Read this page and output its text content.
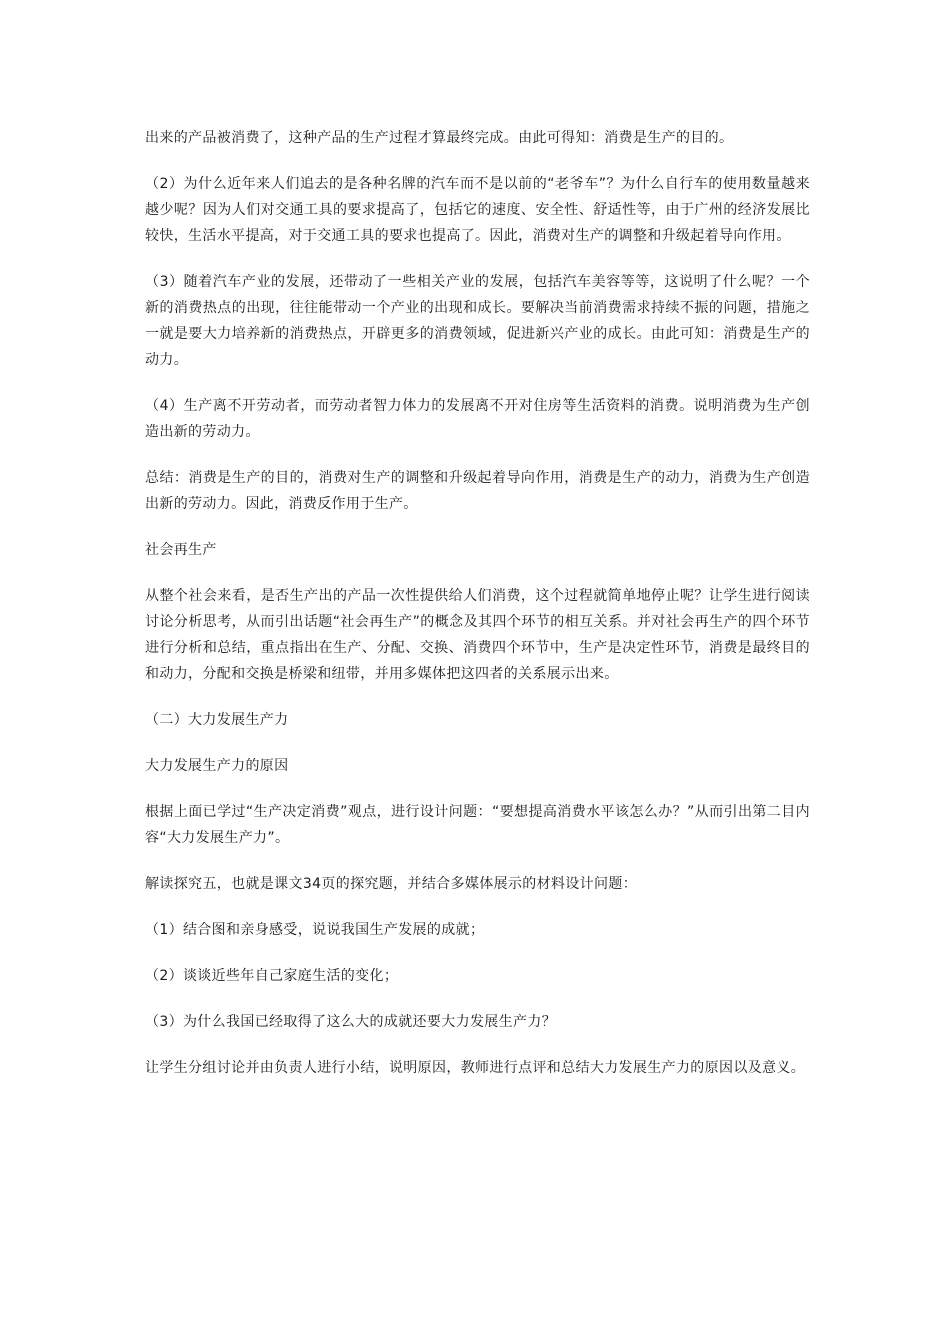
出来的产品被消费了，这种产品的生产过程才算最终完成。由此可得知：消费是生产的目的。

（2）为什么近年来人们追去的是各种名牌的汽车而不是以前的“老爷车”？为什么自行车的使用数量越来越少呢？因为人们对交通工具的要求提高了，包括它的速度、安全性、舒适性等，由于广州的经济发展比较快，生活水平提高，对于交通工具的要求也提高了。因此，消费对生产的调整和升级起着导向作用。

（3）随着汽车产业的发展，还带动了一些相关产业的发展，包括汽车美容等等，这说明了什么呢？一个新的消费热点的出现，往往能带动一个产业的出现和成长。要解决当前消费需求持续不振的问题，措施之一就是要大力培养新的消费热点，开辟更多的消费领域，促进新兴产业的成长。由此可知：消费是生产的动力。

（4）生产离不开劳动者，而劳动者智力体力的发展离不开对住房等生活资料的消费。说明消费为生产创造出新的劳动力。

总结：消费是生产的目的，消费对生产的调整和升级起着导向作用，消费是生产的动力，消费为生产创造出新的劳动力。因此，消费反作用于生产。

社会再生产

从整个社会来看，是否生产出的产品一次性提供给人们消费，这个过程就简单地停止呢？让学生进行阅读讨论分析思考，从而引出话题“社会再生产”的概念及其四个环节的相互关系。并对社会再生产的四个环节进行分析和总结，重点指出在生产、分配、交换、消费四个环节中，生产是决定性环节，消费是最终目的和动力，分配和交换是桥梁和纽带，并用多媒体把这四者的关系展示出来。

（二）大力发展生产力

大力发展生产力的原因

根据上面已学过“生产决定消费”观点，进行设计问题：“要想提高消费水平该怎么办？”从而引出第二目内容“大力发展生产力”。

解读探究五，也就是课文34页的探究题，并结合多媒体展示的材料设计问题：

（1）结合图和亲身感受，说说我国生产发展的成就；

（2）谈谈近些年自己家庭生活的变化；

（3）为什么我国已经取得了这么大的成就还要大力发展生产力？

让学生分组讨论并由负责人进行小结，说明原因，教师进行点评和总结大力发展生产力的原因以及意义。
